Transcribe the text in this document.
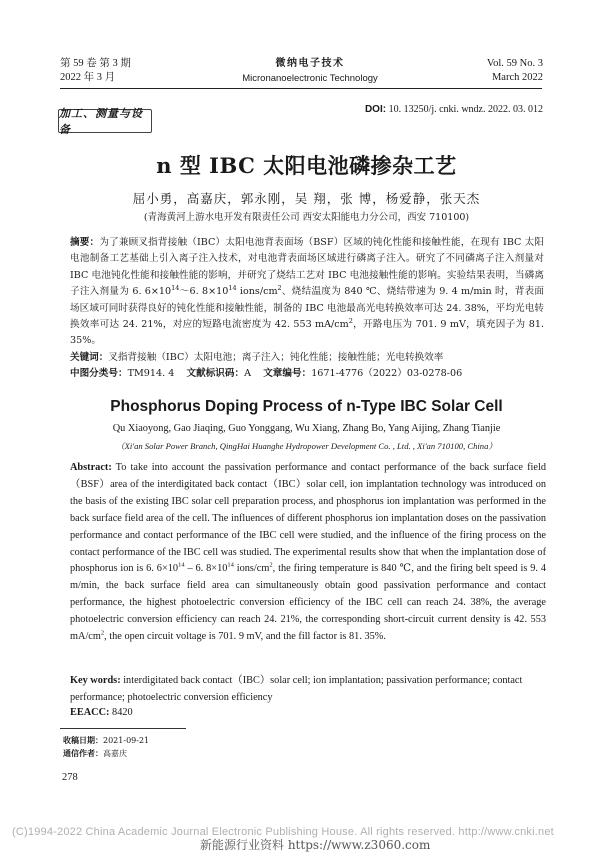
第 59 卷 第 3 期
2022 年 3 月
微纳电子技术
Micronanoelectronic Technology
Vol. 59 No. 3
March 2022
DOI: 10. 13250/j. cnki. wndz. 2022. 03. 012
加工、测量与设备
n 型 IBC 太阳电池磷掺杂工艺
屈小勇，高嘉庆，郭永刚，吴 翔，张 博，杨爱静，张天杰
(青海黄河上游水电开发有限责任公司 西安太阳能电力分公司，西安 710100)
摘要：为了兼顾叉指背接触（IBC）太阳电池背表面场（BSF）区域的钝化性能和接触性能，在现有 IBC 太阳电池制备工艺基础上引入离子注入技术，对电池背表面场区域进行磷离子注入。研究了不同磷离子注入剂量对 IBC 电池钝化性能和接触性能的影响，并研究了烧结工艺对 IBC 电池接触性能的影响。实验结果表明，当磷离子注入剂量为 6. $6\times 10^{14}\sim 6$. $8\times 10^{14}$ ions/$cm^2$、烧结温度为 840 ℃、烧结带速为 9. 4 m/min 时，背表面场区域可同时获得良好的钝化性能和接触性能，制备的 IBC 电池最高光电转换效率可达 24. 38%，平均光电转换效率可达 24. 21%，对应的短路电流密度为 42. 553 $mA/cm^2$，开路电压为 701. 9 mV，填充因子为 81. 35%。
关键词：叉指背接触（IBC）太阳电池；离子注入；钝化性能；接触性能；光电转换效率
中图分类号：TM914. 4 文献标识码：A 文章编号：1671-4776（2022）03-0278-06
Phosphorus Doping Process of n-Type IBC Solar Cell
Qu Xiaoyong, Gao Jiaqing, Guo Yonggang, Wu Xiang, Zhang Bo, Yang Aijing, Zhang Tianjie
（Xi'an Solar Power Branch, QingHai Huanghe Hydropower Development Co. , Ltd. , Xi'an 710100, China）
Abstract: To take into account the passivation performance and contact performance of the back surface field（BSF）area of the interdigitated back contact（IBC）solar cell, ion implantation technology was introduced on the basis of the existing IBC solar cell preparation process, and phosphorus ion implantation was performed in the back surface field area of the cell. The influences of different phosphorus ion implantation doses on the passivation performance and contact performance of the IBC cell were studied, and the influence of the firing process on the contact performance of the IBC cell was studied. The experimental results show that when the implantation dose of phosphorus ion is 6. $6\times 10^{14} - 6$. $8\times 10^{14}$ ions/$cm^2$, the firing temperature is 840 ℃, and the firing belt speed is 9. 4 m/min, the back surface field area can simultaneously obtain good passivation performance and contact performance, the highest photoelectric conversion efficiency of the IBC cell can reach 24. 38%, the average photoelectric conversion efficiency can reach 24. 21%, the corresponding short-circuit current density is 42. 553 $mA/cm^2$, the open circuit voltage is 701. 9 mV, and the fill factor is 81. 35%.
Key words: interdigitated back contact（IBC）solar cell; ion implantation; passivation performance; contact performance; photoelectric conversion efficiency
EEACC: 8420
收稿日期：2021-09-21
通信作者：高嘉庆
278
(C)1994-2022 China Academic Journal Electronic Publishing House. All rights reserved. http://www.cnki.net
新能源行业资料 https://www.z3060.com
